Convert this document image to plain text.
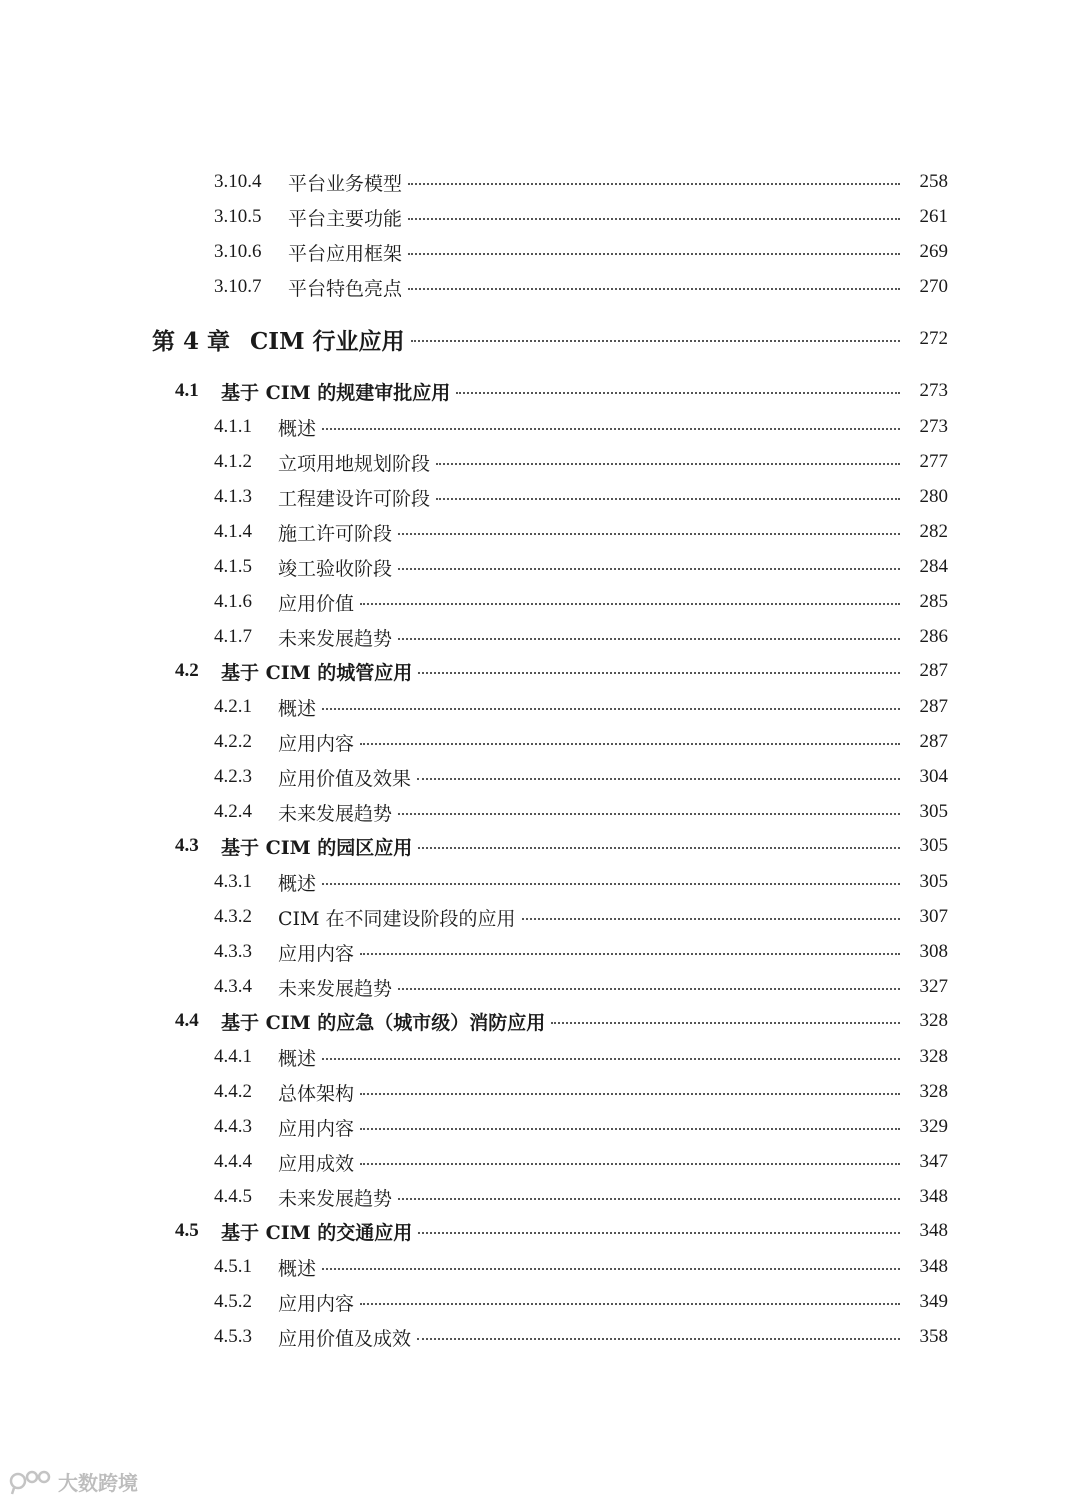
3.10.4	平台业务模型	258
3.10.5	平台主要功能	261
3.10.6	平台应用框架	269
3.10.7	平台特色亮点	270
第 4 章 CIM 行业应用	272
4.1	基于 CIM 的规建审批应用	273
4.1.1	概述	273
4.1.2	立项用地规划阶段	277
4.1.3	工程建设许可阶段	280
4.1.4	施工许可阶段	282
4.1.5	竣工验收阶段	284
4.1.6	应用价值	285
4.1.7	未来发展趋势	286
4.2	基于 CIM 的城管应用	287
4.2.1	概述	287
4.2.2	应用内容	287
4.2.3	应用价值及效果	304
4.2.4	未来发展趋势	305
4.3	基于 CIM 的园区应用	305
4.3.1	概述	305
4.3.2	CIM 在不同建设阶段的应用	307
4.3.3	应用内容	308
4.3.4	未来发展趋势	327
4.4	基于 CIM 的应急（城市级）消防应用	328
4.4.1	概述	328
4.4.2	总体架构	328
4.4.3	应用内容	329
4.4.4	应用成效	347
4.4.5	未来发展趋势	348
4.5	基于 CIM 的交通应用	348
4.5.1	概述	348
4.5.2	应用内容	349
4.5.3	应用价值及成效	358
大数跨境
